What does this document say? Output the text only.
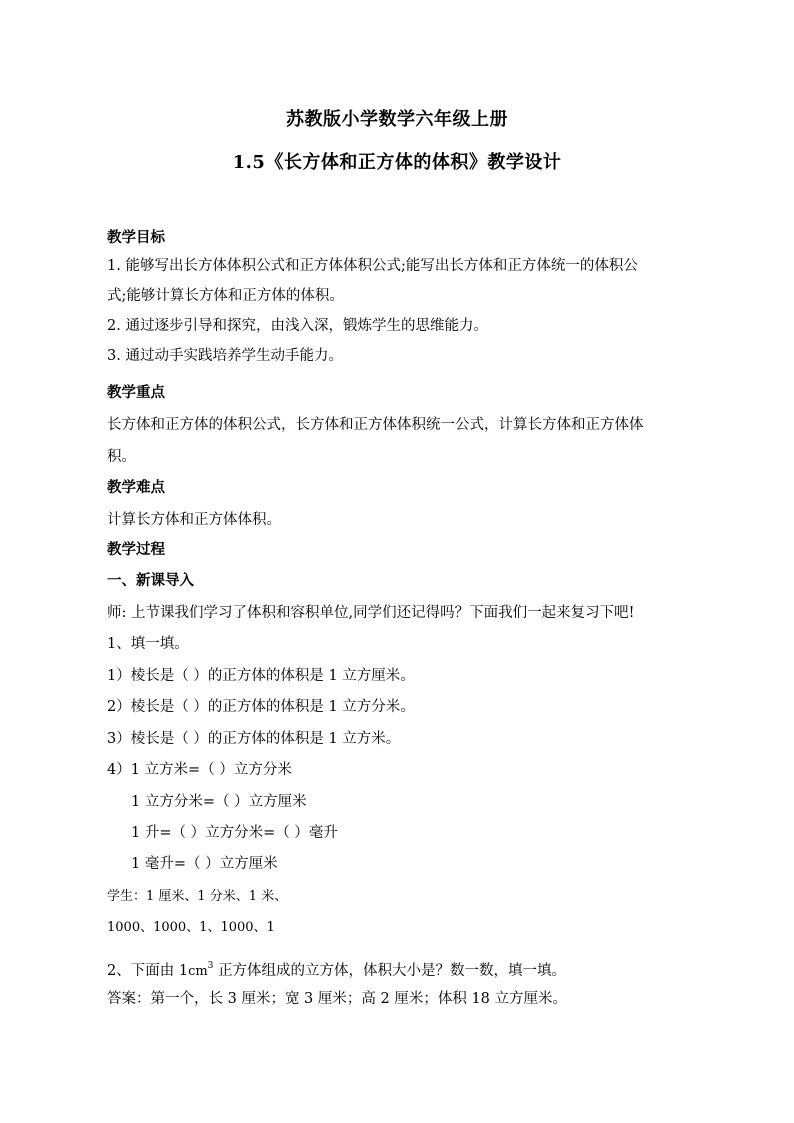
苏教版小学数学六年级上册
1.5《长方体和正方体的体积》教学设计
教学目标
1. 能够写出长方体体积公式和正方体体积公式;能写出长方体和正方体统一的体积公
式;能够计算长方体和正方体的体积。
2. 通过逐步引导和探究，由浅入深，锻炼学生的思维能力。
3. 通过动手实践培养学生动手能力。
教学重点
长方体和正方体的体积公式，长方体和正方体体积统一公式，计算长方体和正方体体
积。
教学难点
计算长方体和正方体体积。
教学过程
一、新课导入
师: 上节课我们学习了体积和容积单位,同学们还记得吗？下面我们一起来复习下吧!
1、填一填。
1）棱长是（ ）的正方体的体积是 1 立方厘米。
2）棱长是（ ）的正方体的体积是 1 立方分米。
3）棱长是（ ）的正方体的体积是 1 立方米。
4）1 立方米=（ ）立方分米
1 立方分米=（ ）立方厘米
1 升=（ ）立方分米=（ ）毫升
1 毫升=（ ）立方厘米
学生：1 厘米、1 分米、1 米、
1000、1000、1、1000、1
2、下面由 $1cm^3$ 正方体组成的立方体，体积大小是？数一数，填一填。
答案：第一个，长 3 厘米；宽 3 厘米；高 2 厘米；体积 18 立方厘米。
